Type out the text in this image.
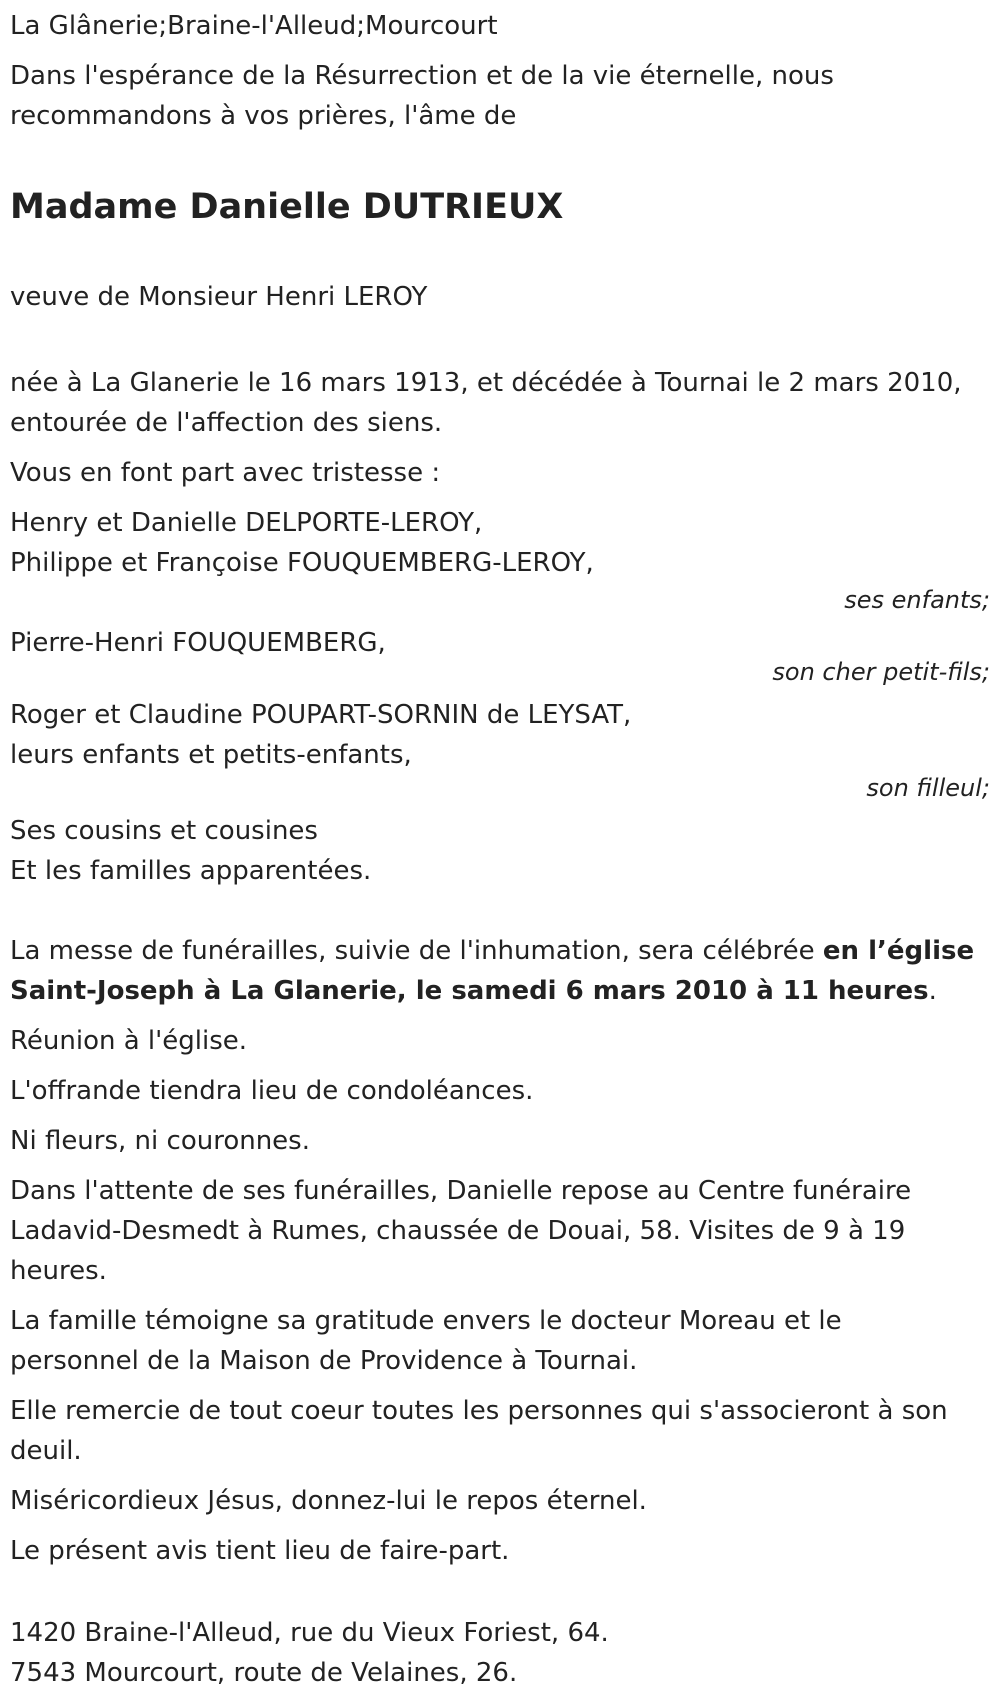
La Glânerie;Braine-l'Alleud;Mourcourt

Dans l'espérance de la Résurrection et de la vie éternelle, nous
recommandons à vos prières, l'âme de

Madame Danielle DUTRIEUX

veuve de Monsieur Henri LEROY

née à La Glanerie le 16 mars 1913, et décédée à Tournai le 2 mars 2010,
entourée de l'affection des siens.

Vous en font part avec tristesse :

Henry et Danielle DELPORTE-LEROY,

Philippe et Françoise FOUQUEMBERG-LEROY,

ses enfants;

Pierre-Henri FOUQUEMBERG,

son cher petit-fils;

Roger et Claudine POUPART-SORNIN de LEYSAT,

leurs enfants et petits-enfants,

son filleul;

Ses cousins et cousines
Et les familles apparentées.

La messe de funérailles, suivie de l'inhumation, sera célébrée en l’église
Saint-Joseph à La Glanerie, le samedi 6 mars 2010 à 11 heures.

Réunion à l'église.

L'offrande tiendra lieu de condoléances.

Ni fleurs, ni couronnes.

Dans l'attente de ses funérailles, Danielle repose au Centre funéraire
Ladavid-Desmedt à Rumes, chaussée de Douai, 58. Visites de 9 à 19
heures.

La famille témoigne sa gratitude envers le docteur Moreau et le
personnel de la Maison de Providence à Tournai.

Elle remercie de tout coeur toutes les personnes qui s'associeront à son
deuil.

Miséricordieux Jésus, donnez-lui le repos éternel.

Le présent avis tient lieu de faire-part.

1420 Braine-l'Alleud, rue du Vieux Foriest, 64.
7543 Mourcourt, route de Velaines, 26.
